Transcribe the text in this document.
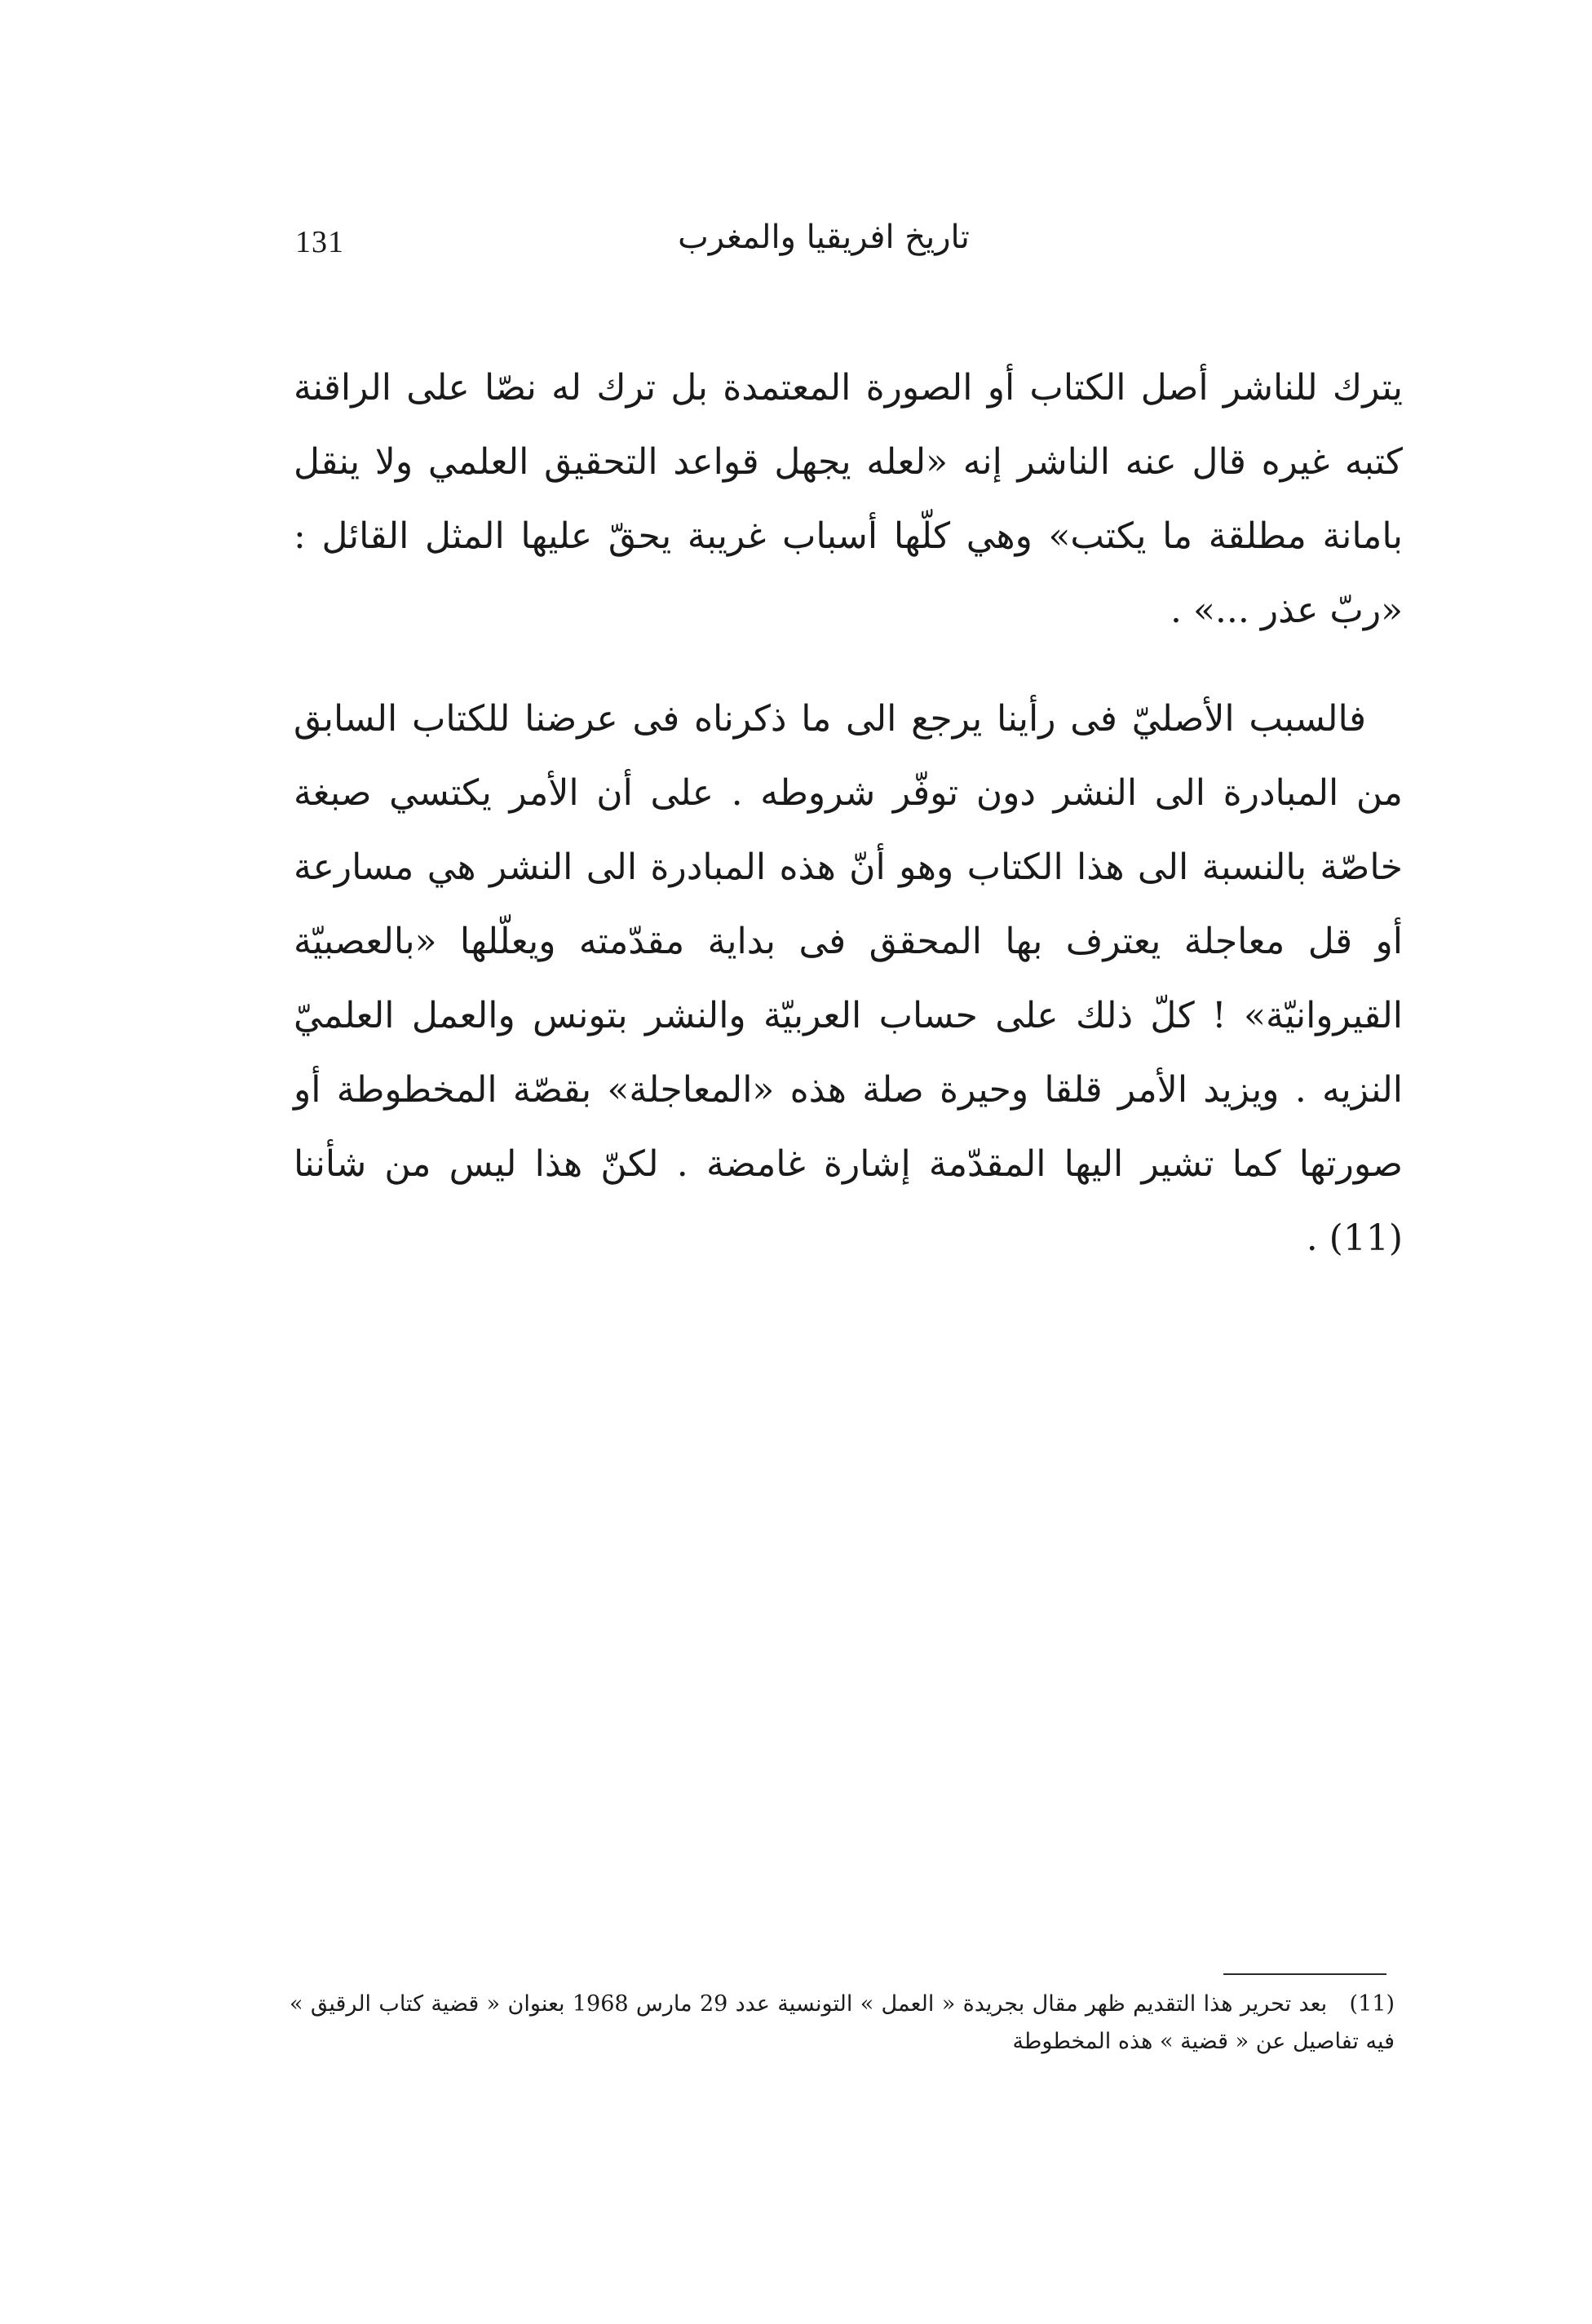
131	تاريخ افريقيا والمغرب

يترك للناشر أصل الكتاب أو الصورة المعتمدة بل ترك له نصّا على الراقنة كتبه غيره قال عنه الناشر إنه «لعله يجهل قواعد التحقيق العلمي ولا ينقل بامانة مطلقة ما يكتب» وهي كلّها أسباب غريبة يحقّ عليها المثل القائل : «ربّ عذر ...» .

فالسبب الأصليّ فى رأينا يرجع الى ما ذكرناه فى عرضنا للكتاب السابق من المبادرة الى النشر دون توفّر شروطه . على أن الأمر يكتسي صبغة خاصّة بالنسبة الى هذا الكتاب وهو أنّ هذه المبادرة الى النشر هي مسارعة أو قل معاجلة يعترف بها المحقق فى بداية مقدّمته ويعلّلها «بالعصبيّة القيروانيّة» ! كلّ ذلك على حساب العربيّة والنشر بتونس والعمل العلميّ النزيه . ويزيد الأمر قلقا وحيرة صلة هذه «المعاجلة» بقصّة المخطوطة أو صورتها كما تشير اليها المقدّمة إشارة غامضة . لكنّ هذا ليس من شأننا (11) .

(11) بعد تحرير هذا التقديم ظهر مقال بجريدة « العمل » التونسية عدد 29 مارس 1968 بعنوان « قضية كتاب الرقيق » فيه تفاصيل عن « قضية » هذه المخطوطة
